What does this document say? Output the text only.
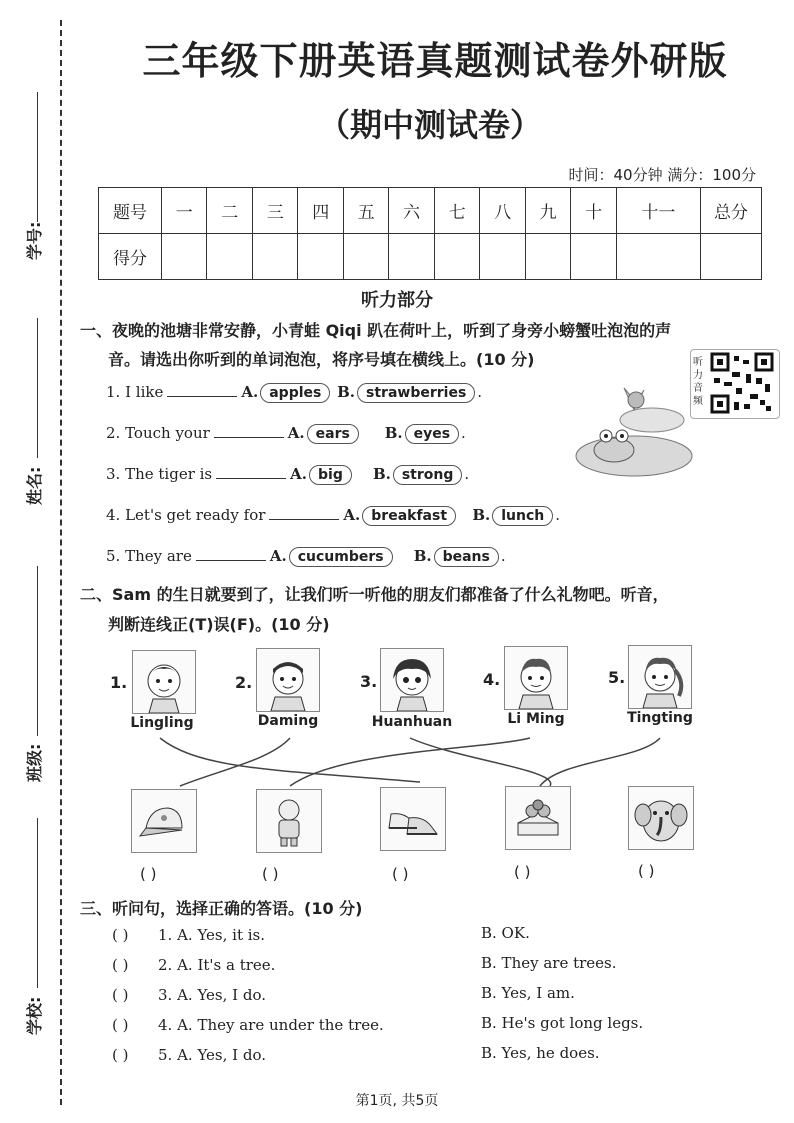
学号:
姓名:
班级:
学校:
三年级下册英语真题测试卷外研版
（期中测试卷）
时间：40分钟 满分：100分
题号	一	二	三	四	五	六	七	八	九	十	十一	总分
得分												
听力部分
一、夜晚的池塘非常安静，小青蛙 Qiqi 趴在荷叶上，听到了身旁小螃蟹吐泡泡的声
音。请选出你听到的单词泡泡，将序号填在横线上。(10 分)	听力音频
1. I like	A. apples B. strawberries .
2. Touch your	A. ears B. eyes .
3. The tiger is	A. big B. strong .
4. Let's get ready for	A. breakfast B. lunch .
5. They are	A. cucumbers B. beans .
二、Sam 的生日就要到了，让我们听一听他的朋友们都准备了什么礼物吧。听音，
判断连线正(T)误(F)。(10 分)
1.
Lingling
2.
Daming
3.
Huanhuan
4.
Li Ming
5.
Tingting
( )	( )	( )	( )	( )
三、听问句，选择正确的答语。(10 分)
( ) 1. A. Yes, it is.	B. OK.
( ) 2. A. It's a tree.	B. They are trees.
( ) 3. A. Yes, I do.	B. Yes, I am.
( ) 4. A. They are under the tree.	B. He's got long legs.
( ) 5. A. Yes, I do.	B. Yes, he does.
第1页, 共5页
